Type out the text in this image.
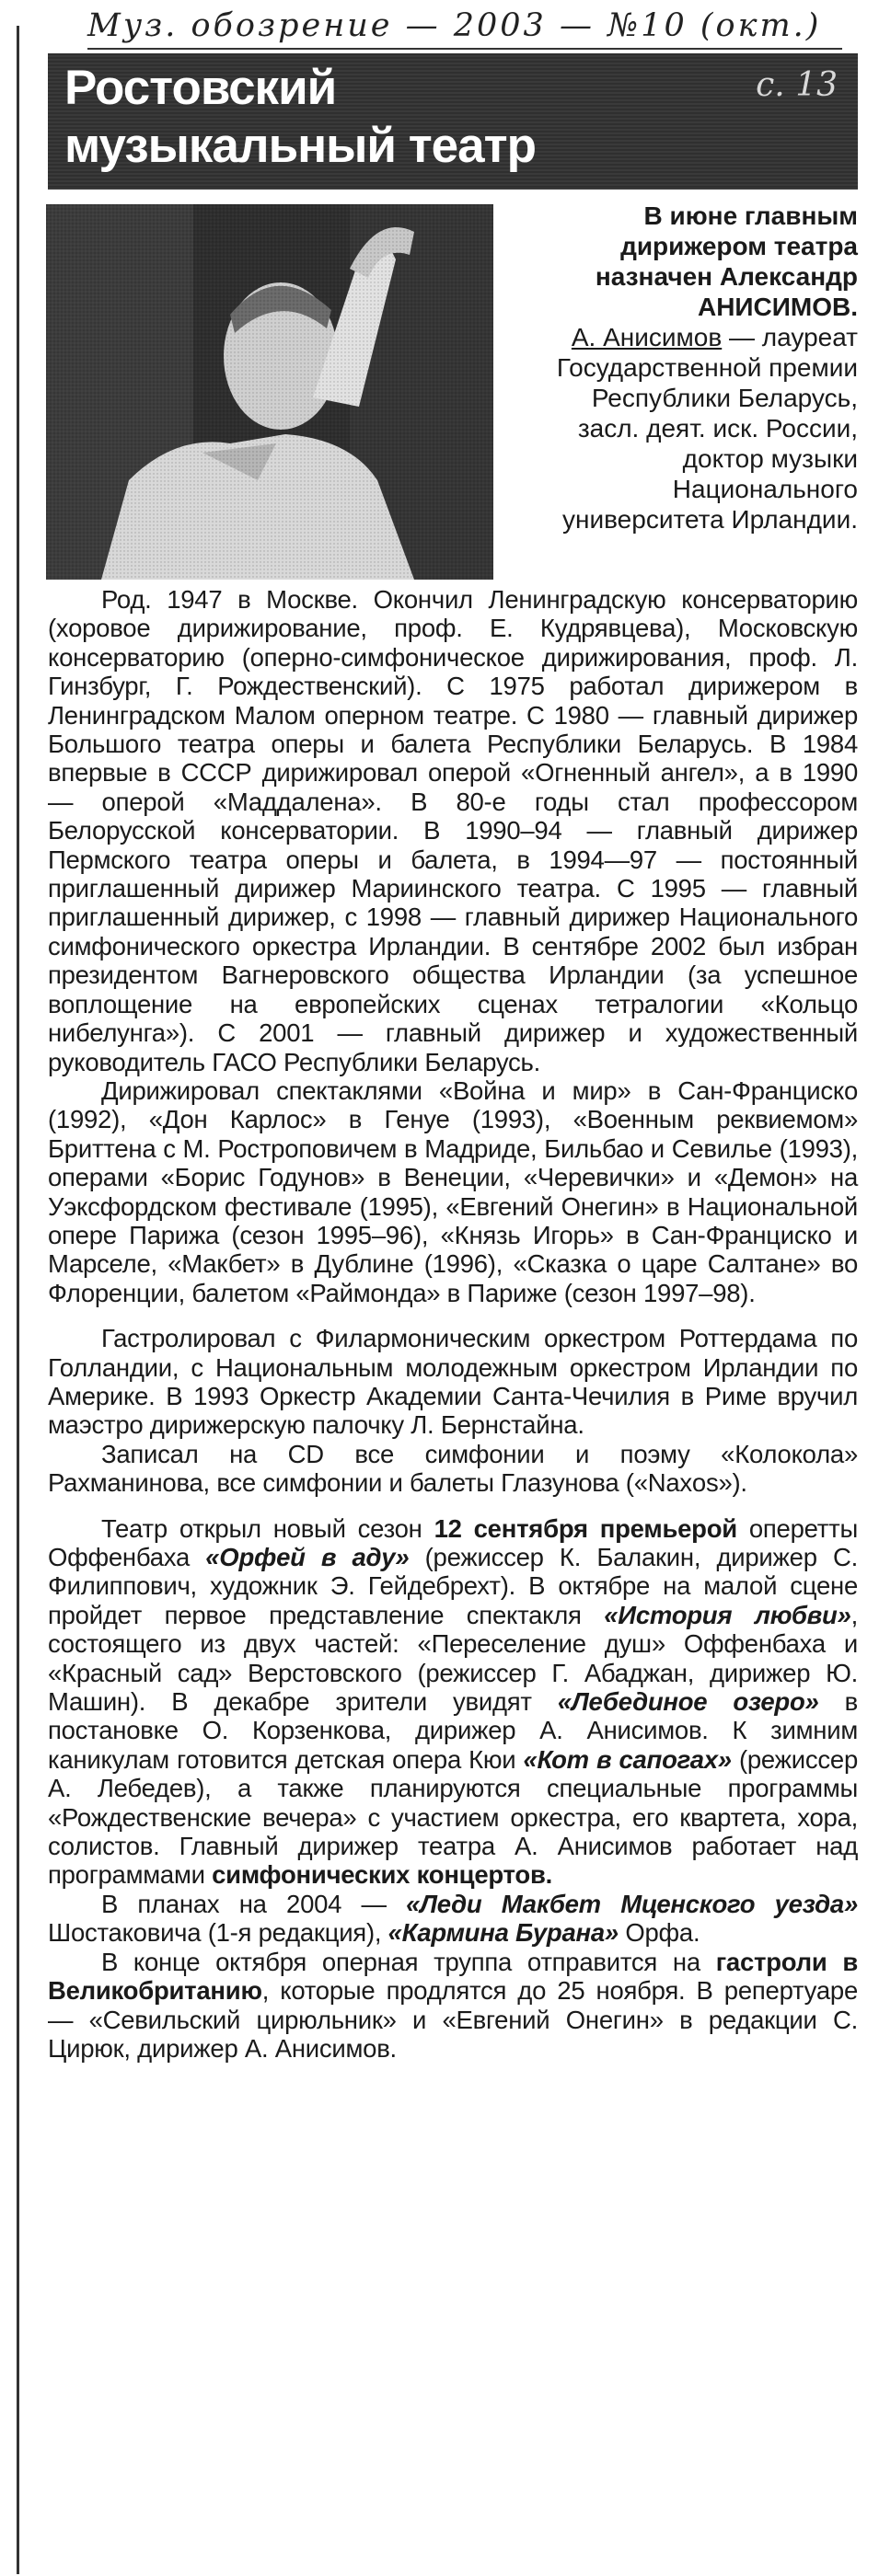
Муз. обозрение — 2003 — №10 (окт.)
Ростовский
музыкальный театр
с. 13
В июне главным дирижером театра назначен Александр АНИСИМОВ.
А. Анисимов — лауреат Государственной премии Республики Беларусь, засл. деят. иск. России, доктор музыки Национального университета Ирландии.

Род. 1947 в Москве. Окончил Ленинградскую консерваторию (хоровое дирижирование, проф. Е. Кудрявцева), Московскую консерваторию (оперно-симфоническое дирижирования, проф. Л. Гинзбург, Г. Рождественский). С 1975 работал дирижером в Ленинградском Малом оперном театре. С 1980 — главный дирижер Большого театра оперы и балета Республики Беларусь. В 1984 впервые в СССР дирижировал оперой «Огненный ангел», а в 1990 — оперой «Маддалена». В 80-е годы стал профессором Белорусской консерватории. В 1990–94 — главный дирижер Пермского театра оперы и балета, в 1994—97 — постоянный приглашенный дирижер Мариинского театра. С 1995 — главный приглашенный дирижер, с 1998 — главный дирижер Национального симфонического оркестра Ирландии. В сентябре 2002 был избран президентом Вагнеровского общества Ирландии (за успешное воплощение на европейских сценах тетралогии «Кольцо нибелунга»). С 2001 — главный дирижер и художественный руководитель ГАСО Республики Беларусь.

Дирижировал спектаклями «Война и мир» в Сан-Франциско (1992), «Дон Карлос» в Генуе (1993), «Военным реквиемом» Бриттена с М. Ростроповичем в Мадриде, Бильбао и Севилье (1993), операми «Борис Годунов» в Венеции, «Черевички» и «Демон» на Уэксфордском фестивале (1995), «Евгений Онегин» в Национальной опере Парижа (сезон 1995–96), «Князь Игорь» в Сан-Франциско и Марселе, «Макбет» в Дублине (1996), «Сказка о царе Салтане» во Флоренции, балетом «Раймонда» в Париже (сезон 1997–98).

Гастролировал с Филармоническим оркестром Роттердама по Голландии, с Национальным молодежным оркестром Ирландии по Америке. В 1993 Оркестр Академии Санта-Чечилия в Риме вручил маэстро дирижерскую палочку Л. Бернстайна.

Записал на CD все симфонии и поэму «Колокола» Рахманинова, все симфонии и балеты Глазунова («Naxos»).

Театр открыл новый сезон 12 сентября премьерой оперетты Оффенбаха «Орфей в аду» (режиссер К. Балакин, дирижер С. Филиппович, художник Э. Гейдебрехт). В октябре на малой сцене пройдет первое представление спектакля «История любви», состоящего из двух частей: «Переселение душ» Оффенбаха и «Красный сад» Верстовского (режиссер Г. Абаджан, дирижер Ю. Машин). В декабре зрители увидят «Лебединое озеро» в постановке О. Корзенкова, дирижер А. Анисимов. К зимним каникулам готовится детская опера Кюи «Кот в сапогах» (режиссер А. Лебедев), а также планируются специальные программы «Рождественские вечера» с участием оркестра, его квартета, хора, солистов. Главный дирижер театра А. Анисимов работает над программами симфонических концертов.

В планах на 2004 — «Леди Макбет Мценского уезда» Шостаковича (1-я редакция), «Кармина Бурана» Орфа.

В конце октября оперная труппа отправится на гастроли в Великобританию, которые продлятся до 25 ноября. В репертуаре — «Севильский цирюльник» и «Евгений Онегин» в редакции С. Цирюк, дирижер А. Анисимов.
